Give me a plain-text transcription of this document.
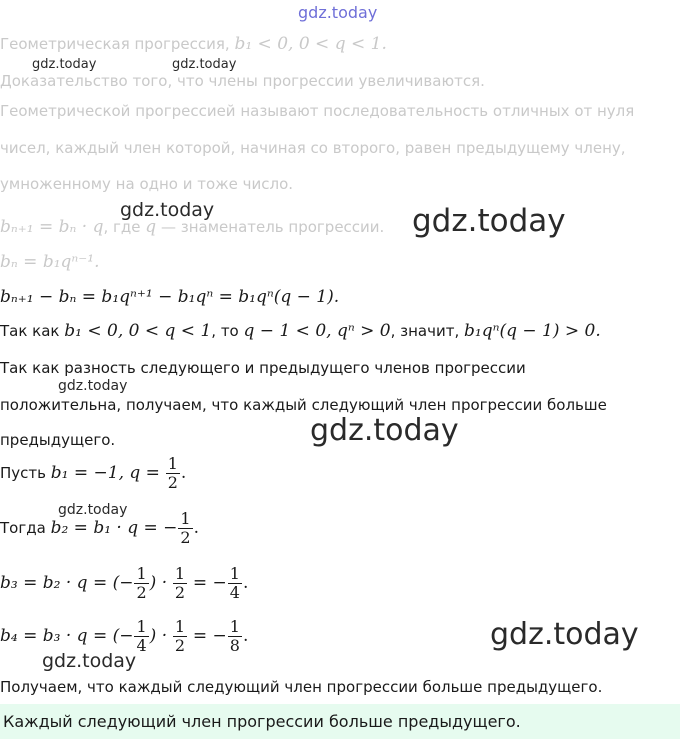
gdz.today
Геометрическая прогрессия, b₁ < 0, 0 < q < 1.
gdz.today	gdz.today
Доказательство того, что члены прогрессии увеличиваются.
Геометрической прогрессией называют последовательность отличных от нуля
чисел, каждый член которой, начиная со второго, равен предыдущему члену,
умноженному на одно и тоже число.
gdz.today	gdz.today
bₙ₊₁ = bₙ · q, где q — знаменатель прогрессии.
bₙ = b₁qⁿ⁻¹.
bₙ₊₁ − bₙ = b₁qⁿ⁺¹ − b₁qⁿ = b₁qⁿ(q − 1).
Так как b₁ < 0, 0 < q < 1, то q − 1 < 0, qⁿ > 0, значит, b₁qⁿ(q − 1) > 0.
Так как разность следующего и предыдущего членов прогрессии
gdz.today
положительна, получаем, что каждый следующий член прогрессии больше
предыдущего.	gdz.today
Пусть b₁ = −1, $q = \frac{1}{2}$ .
gdz.today
Тогда b₂ = b₁ · q = − $\frac{1}{2}$ .
b₃ = b₂ · q = (− $\frac{1}{2}$ ) · $\frac{1}{2}$ = − $\frac{1}{4}$ .
gdz.today
b₄ = b₃ · q = (− $\frac{1}{4}$ ) · $\frac{1}{2}$ = − $\frac{1}{8}$ .
gdz.today
Получаем, что каждый следующий член прогрессии больше предыдущего.
Каждый следующий член прогрессии больше предыдущего.
